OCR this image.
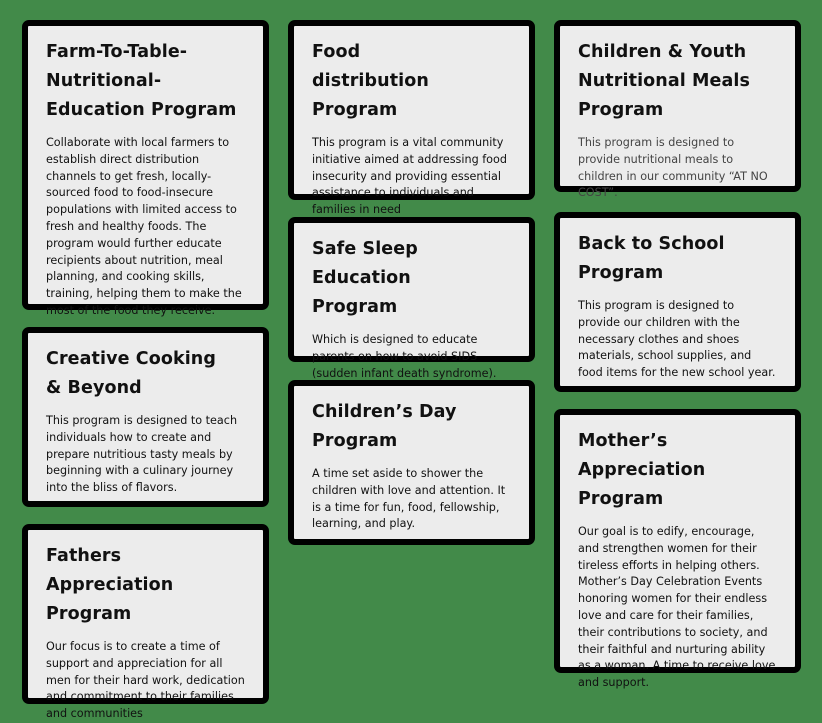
Farm-To-Table- Nutritional-Education Program

Collaborate with local farmers to establish direct distribution channels to get fresh, locally-sourced food to food-insecure populations with limited access to fresh and healthy foods. The program would further educate recipients about nutrition, meal planning, and cooking skills, training, helping them to make the most of the food they receive.

Creative Cooking & Beyond

This program is designed to teach individuals how to create and prepare nutritious tasty meals by beginning with a culinary journey into the bliss of flavors.

Fathers Appreciation Program

Our focus is to create a time of support and appreciation for all men for their hard work, dedication and commitment to their families and communities

Food distribution Program

This program is a vital community initiative aimed at addressing food insecurity and providing essential assistance to individuals and families in need

Safe Sleep Education Program

Which is designed to educate parents on how to avoid SIDS (sudden infant death syndrome).

Children’s Day Program

A time set aside to shower the children with love and attention. It is a time for fun, food, fellowship, learning, and play.

Children & Youth Nutritional Meals Program

This program is designed to provide nutritional meals to children in our community “AT NO COST”.

Back to School Program

This program is designed to provide our children with the necessary clothes and shoes materials, school supplies, and food items for the new school year.

Mother’s Appreciation Program

Our goal is to edify, encourage, and strengthen women for their tireless efforts in helping others. Mother’s Day Celebration Events honoring women for their endless love and care for their families, their contributions to society, and their faithful and nurturing ability as a woman. A time to receive love and support.
